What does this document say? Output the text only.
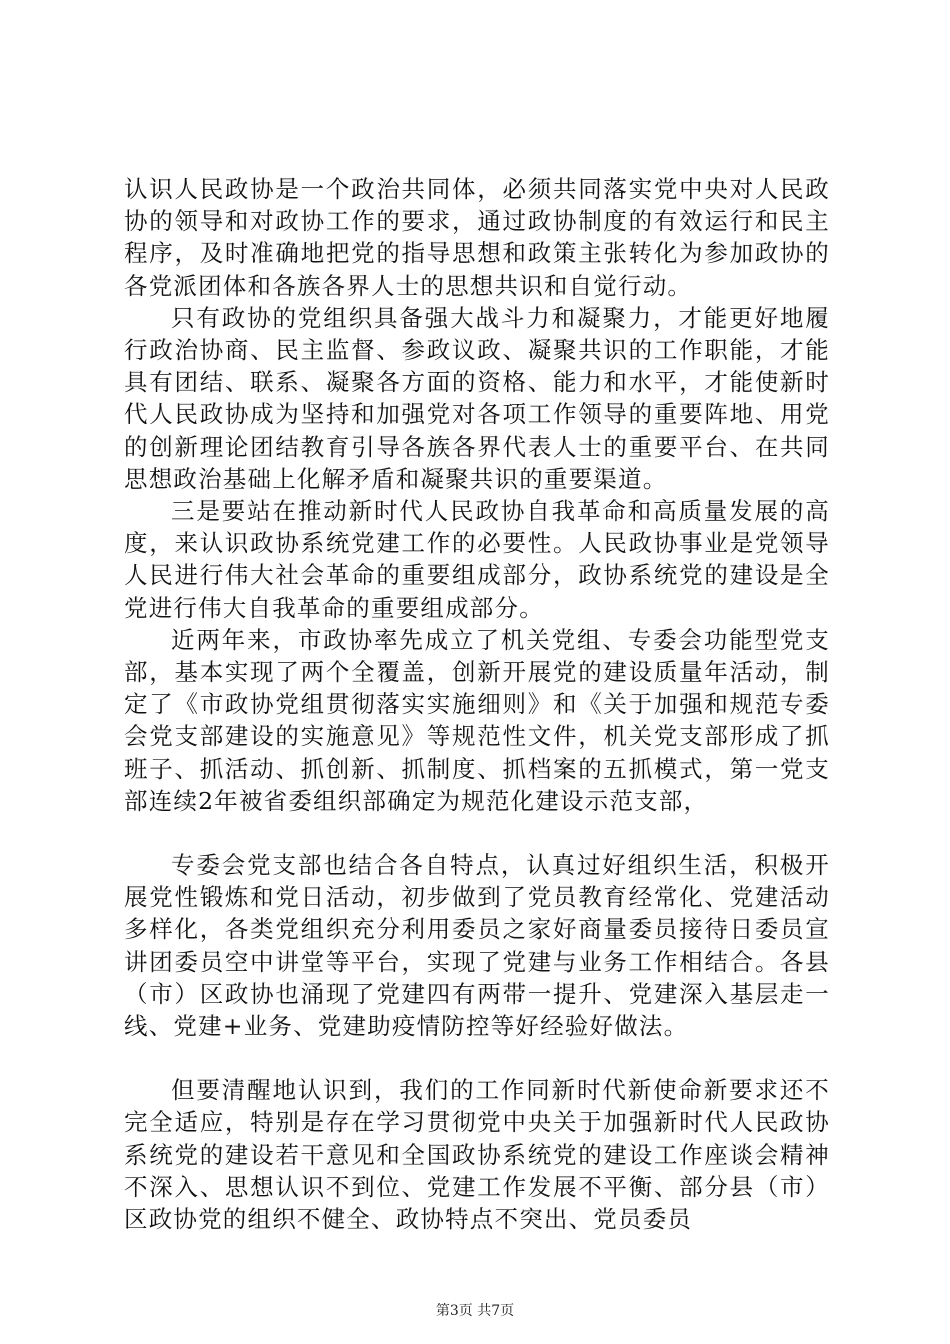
认识人民政协是一个政治共同体，必须共同落实党中央对人民政协的领导和对政协工作的要求，通过政协制度的有效运行和民主程序，及时准确地把党的指导思想和政策主张转化为参加政协的各党派团体和各族各界人士的思想共识和自觉行动。

只有政协的党组织具备强大战斗力和凝聚力，才能更好地履行政治协商、民主监督、参政议政、凝聚共识的工作职能，才能具有团结、联系、凝聚各方面的资格、能力和水平，才能使新时代人民政协成为坚持和加强党对各项工作领导的重要阵地、用党的创新理论团结教育引导各族各界代表人士的重要平台、在共同思想政治基础上化解矛盾和凝聚共识的重要渠道。

三是要站在推动新时代人民政协自我革命和高质量发展的高度，来认识政协系统党建工作的必要性。人民政协事业是党领导人民进行伟大社会革命的重要组成部分，政协系统党的建设是全党进行伟大自我革命的重要组成部分。

近两年来，市政协率先成立了机关党组、专委会功能型党支部，基本实现了两个全覆盖，创新开展党的建设质量年活动，制定了《市政协党组贯彻落实实施细则》和《关于加强和规范专委会党支部建设的实施意见》等规范性文件，机关党支部形成了抓班子、抓活动、抓创新、抓制度、抓档案的五抓模式，第一党支部连续2年被省委组织部确定为规范化建设示范支部，

专委会党支部也结合各自特点，认真过好组织生活，积极开展党性锻炼和党日活动，初步做到了党员教育经常化、党建活动多样化，各类党组织充分利用委员之家好商量委员接待日委员宣讲团委员空中讲堂等平台，实现了党建与业务工作相结合。各县（市）区政协也涌现了党建四有两带一提升、党建深入基层走一线、党建+业务、党建助疫情防控等好经验好做法。

但要清醒地认识到，我们的工作同新时代新使命新要求还不完全适应，特别是存在学习贯彻党中央关于加强新时代人民政协系统党的建设若干意见和全国政协系统党的建设工作座谈会精神不深入、思想认识不到位、党建工作发展不平衡、部分县（市）区政协党的组织不健全、政协特点不突出、党员委员

第3页 共7页
